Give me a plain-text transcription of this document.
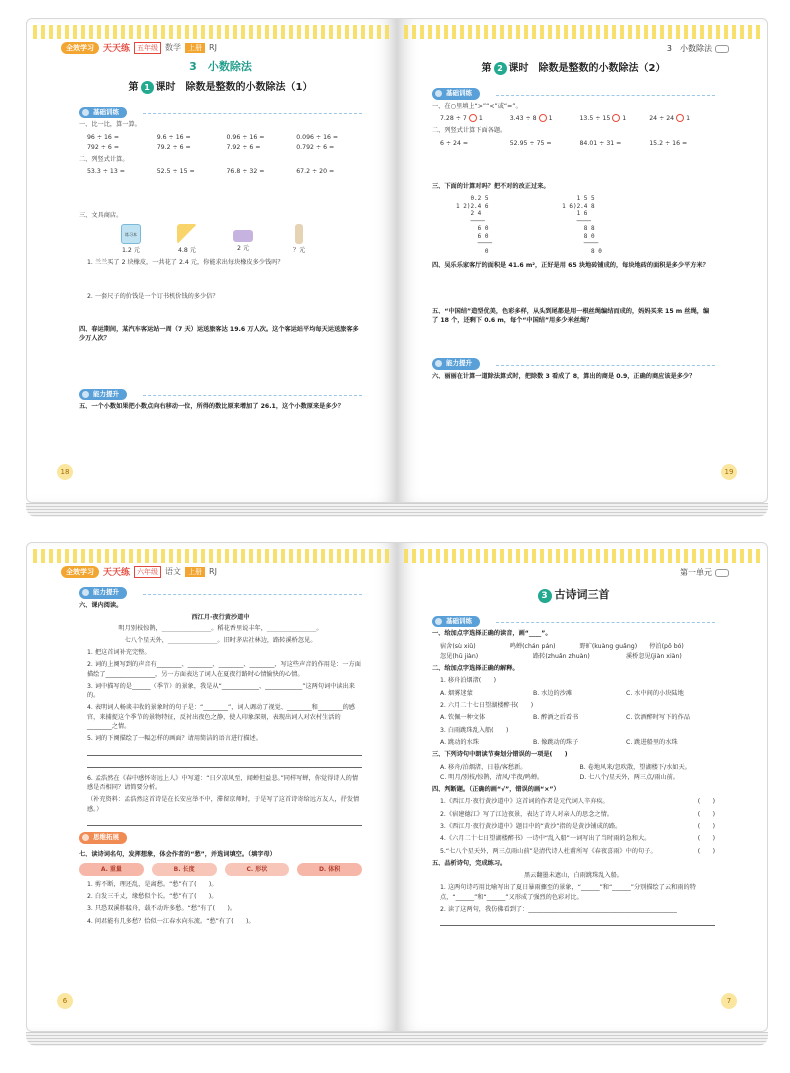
全效学习	天天练	五年级 数学	上册 RJ
3　小数除法
第 1 课时　除数是整数的小数除法（1）
基础训练
一、比一比，算一算。
96 ÷ 16 =	9.6 ÷ 16 =	0.96 ÷ 16 =	0.096 ÷ 16 =
792 ÷ 6 =	79.2 ÷ 6 =	7.92 ÷ 6 =	0.792 ÷ 6 =
二、列竖式计算。
53.3 ÷ 13 =	52.5 ÷ 15 =	76.8 ÷ 32 =	67.2 ÷ 20 =
三、文具商店。
练习本
1.2 元	4.8 元	2 元	？元
1. 兰兰买了 2 块橡皮，一共花了 2.4 元，你能求出每块橡皮多少钱吗？
2. 一套尺子的价钱是一个订书机价钱的多少倍？
四、春运期间，某汽车客运站一周（7 天）运送旅客达 19.6 万人次。这个客运站平均每天运送旅客多少万人次？
能力提升
五、一个小数如果把小数点向右移动一位，所得的数比原来增加了 26.1，这个小数原来是多少？
18
3　小数除法
第 2 课时　除数是整数的小数除法（2）
基础训练
一、在○里填上“>”“<”或“=”。
7.28 ÷ 7 1	3.43 ÷ 8 1	13.5 ÷ 15 1	24 ÷ 24 1
二、列竖式计算下面各题。
6 ÷ 24 =	52.95 ÷ 75 =	84.01 ÷ 31 =	15.2 ÷ 16 =
三、下面的计算对吗？把不对的改正过来。
0.2 5
1 2)2.4 6
2 4
────
6 0
6 0
────
0
1 5 5
1 6)2.4 8
1 6
────
8 8
8 0
────
8 0
四、吴乐乐家客厅的面积是 41.6 m²，正好是用 65 块地砖铺成的，每块地砖的面积是多少平方米？
五、“中国结”造型优美，色彩多样，从头到尾都是用一根丝绳编结而成的，妈妈买来 15 m 丝绳，编了 18 个，还剩下 0.6 m，每个“中国结”用多少米丝绳？
能力提升
六、丽丽在计算一道除法算式时，把除数 3 看成了 8，算出的商是 0.9，正确的商应该是多少？
19
全效学习	天天练	六年级 语文	上册 RJ
能力提升
六、课内阅读。
西江月·夜行黄沙道中
明月别枝惊鹊，________________。稻花香里说丰年，________________。
七八个星天外，________________。旧时茅店社林边，路转溪桥忽见。
1. 把这首词补充完整。
2. 词的上阕写到的声音有________、________、________、________，写这些声音的作用是：一方面描绘了________________，另一方面表达了词人在夏夜行路时心情愉快的心情。
3. 词中描写的是______（季节）的景象，我是从“____________、____________”这两句词中读出来的。
4. 表明词人畅谈丰收的景象时的句子是：“________”，词人调动了视觉、________和________的感官，来捕捉这个季节的景物特征，反衬出夜色之静，使人印象深刻，表现出词人对农村生活的________之情。
5. 词的下阕描绘了一幅怎样的画面？请用简洁的语言进行描述。
6. 孟浩然在《春中感怀寄远上人》中写道：“日夕凉风至，闻蝉但益悲。”同样写蝉，你觉得诗人的情感是否相同？请简要分析。
（补充资料：孟浩然这首诗是在长安应举不中，滞留京师时，于是写了这首诗寄给远方友人，抒发情感。）
思维拓展
七、读诗词名句，发挥想象，体会作者的“愁”，并选词填空。（填字母）
A. 重量	B. 长度	C. 形状	D. 体积
1. 剪不断，理还乱，是离愁。“愁”有了(　　)。
2. 白发三千丈，缘愁似个长。“愁”有了(　　)。
3. 只恐双溪舴艋舟，载不动许多愁。“愁”有了(　　)。
4. 问君能有几多愁？恰似一江春水向东流。“愁”有了(　　)。
6
第一单元
3 古诗词三首
基础训练
一、给加点字选择正确的读音，画“____”。
宿舍(sù xiǔ)	鸣蝉(chán pán)	野旷(kuàng guǎng)	停泊(pō bó)
忽见(hū jiàn)	路转(zhuǎn zhuàn)	溪桥忽见(jiàn xiàn)
二、给加点字选择正确的解释。
1. 移舟泊烟渚(　　)
A. 烟雾迷蒙	B. 水边的沙滩	C. 水中间的小块陆地
2. 六月二十七日望湖楼醉书(　　)
A. 钦佩一种文体	B. 醉酒之后看书	C. 饮酒醉时写下的作品
3. 白雨跳珠乱入船(　　)
A. 跳动的水珠	B. 像跳动的珠子	C. 跳进船里的水珠
三、下列诗句中朗读节奏划分错误的一项是(　　)
A. 移舟/泊烟渚，日暮/客愁新。	B. 卷地风来/忽吹散，望湖楼下/水如天。
C. 明月/别枝/惊鹊，清风/半夜/鸣蝉。	D. 七八个/星天外，两三点/雨山前。
四、判断题。（正确的画“√”，错误的画“×”）
1.《西江月·夜行黄沙道中》这首词的作者是元代词人辛弃疾。	(　　)
2.《宿建德江》写了江边夜景，表达了诗人对亲人的思念之情。	(　　)
3.《西江月·夜行黄沙道中》题目中的“黄沙”指的是黄沙铺成的路。	(　　)
4.《六月二十七日望湖楼醉书》一诗中“乱入船”一词写出了当时雨的急和大。	(　　)
5.“七八个星天外，两三点雨山前”是清代诗人杜甫所写《春夜喜雨》中的句子。	(　　)
五、品析诗句，完成练习。
黑云翻墨未遮山，白雨跳珠乱入船。
1. 这两句诗巧用比喻写出了夏日暴雨骤至的景象，“______”和“______”分别描绘了云和雨的特点，“______”和“______”又形成了强烈的色彩对比。
2. 读了这两句，我仿佛看到了：________________________________________________
7
